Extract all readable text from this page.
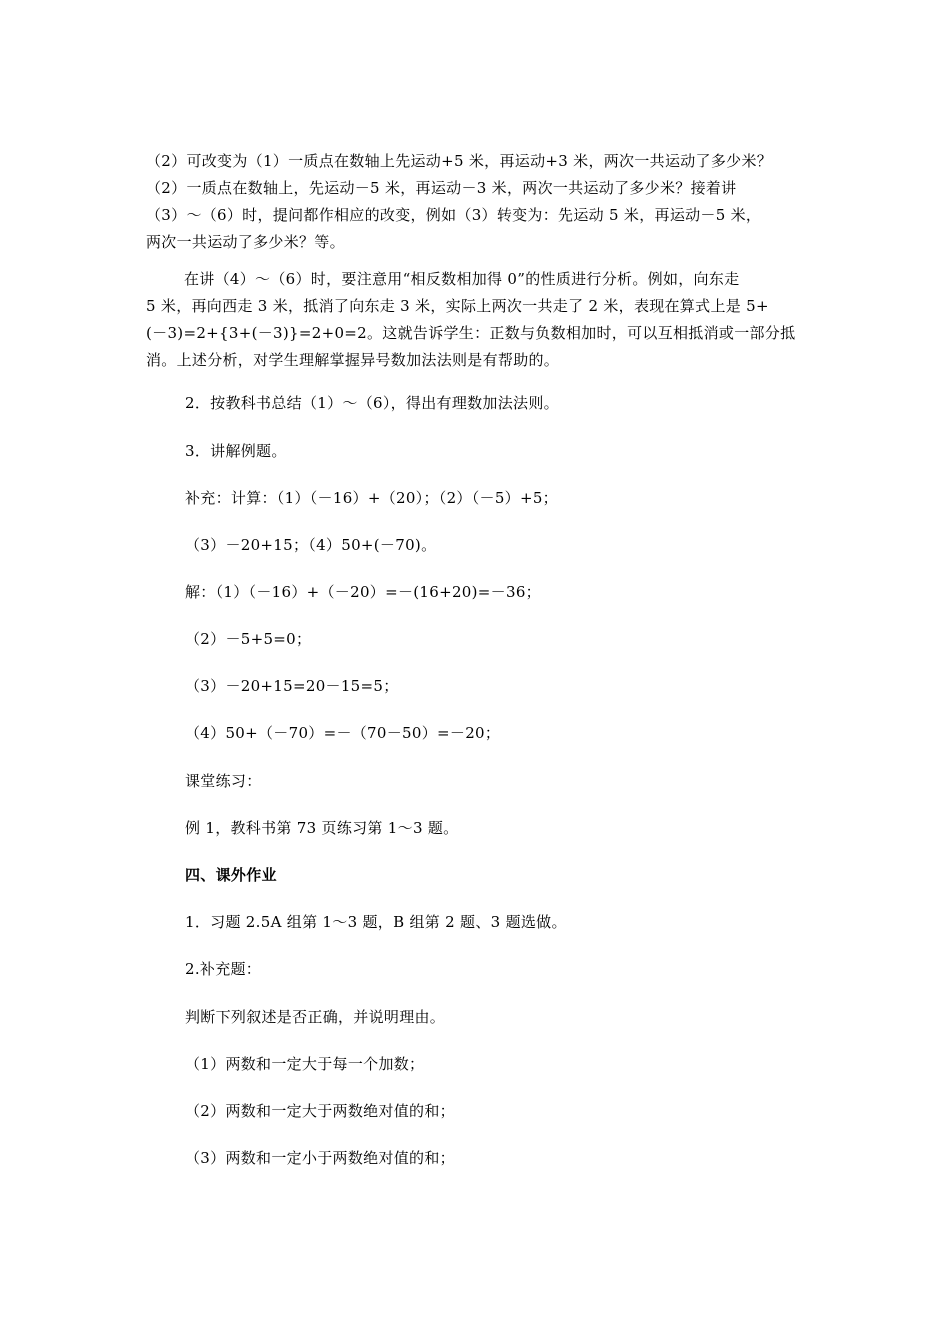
（2）可改变为（1）一质点在数轴上先运动+5 米，再运动+3 米，两次一共运动了多少米？
（2）一质点在数轴上，先运动－5 米，再运动－3 米，两次一共运动了多少米？接着讲
（3）～（6）时，提问都作相应的改变，例如（3）转变为：先运动 5 米，再运动－5 米，
两次一共运动了多少米？等。
在讲（4）～（6）时，要注意用“相反数相加得 0”的性质进行分析。例如，向东走
5 米，再向西走 3 米，抵消了向东走 3 米，实际上两次一共走了 2 米，表现在算式上是 5+
(－3)=2+{3+(－3)}=2+0=2。这就告诉学生：正数与负数相加时，可以互相抵消或一部分抵
消。上述分析，对学生理解掌握异号数加法法则是有帮助的。
2．按教科书总结（1）～（6），得出有理数加法法则。
3．讲解例题。
补充：计算：（1）（－16）+（20）；（2）（－5）+5；
（3）－20+15；（4）50+(－70)。
解：（1）（－16）+（－20）=－(16+20)=－36；
（2）－5+5=0；
（3）－20+15=20－15=5；
（4）50+（－70）=－（70－50）=－20；
课堂练习：
例 1，教科书第 73 页练习第 1～3 题。
四、课外作业
1．习题 2.5A 组第 1～3 题，B 组第 2 题、3 题选做。
2.补充题：
判断下列叙述是否正确，并说明理由。
（1）两数和一定大于每一个加数；
（2）两数和一定大于两数绝对值的和；
（3）两数和一定小于两数绝对值的和；
